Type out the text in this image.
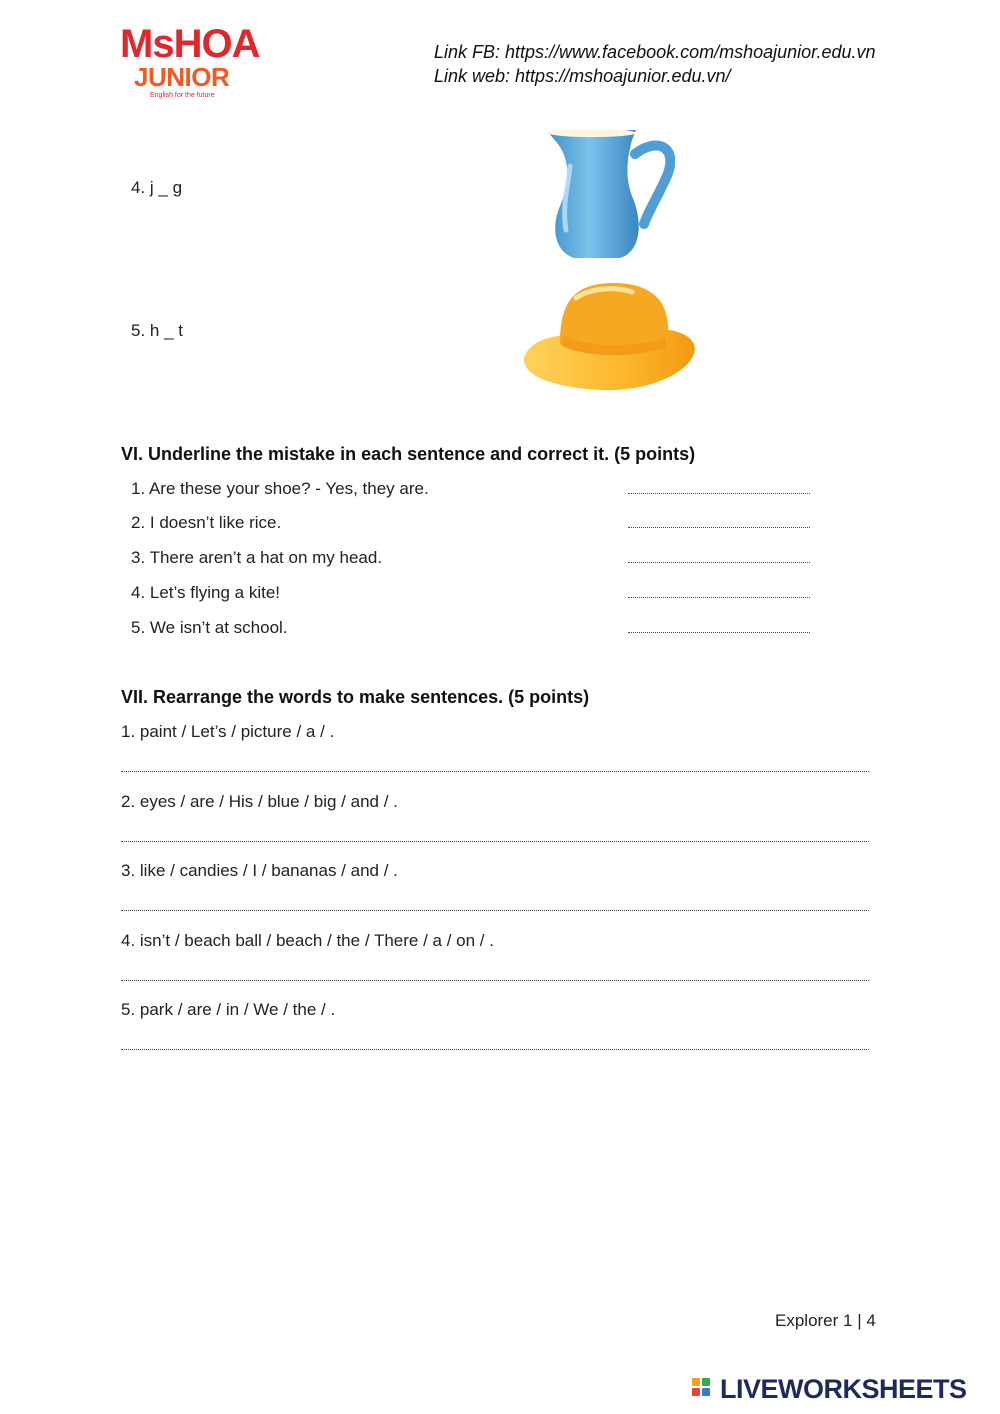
MsHOA
JUNIOR
English for the future
Link FB: https://www.facebook.com/mshoajunior.edu.vn
Link web: https://mshoajunior.edu.vn/
4. j _ g
5. h _ t
VI. Underline the mistake in each sentence and correct it. (5 points)
1. Are these your shoe? - Yes, they are.
2. I doesn’t like rice.
3. There aren’t a hat on my head.
4. Let’s flying a kite!
5. We isn’t at school.
VII. Rearrange the words to make sentences. (5 points)
1. paint / Let’s / picture / a / .
2. eyes / are / His / blue / big / and / .
3. like / candies / I / bananas / and / .
4. isn’t / beach ball / beach / the / There / a / on / .
5. park / are / in / We / the / .
Explorer 1 | 4
LIVEWORKSHEETS
